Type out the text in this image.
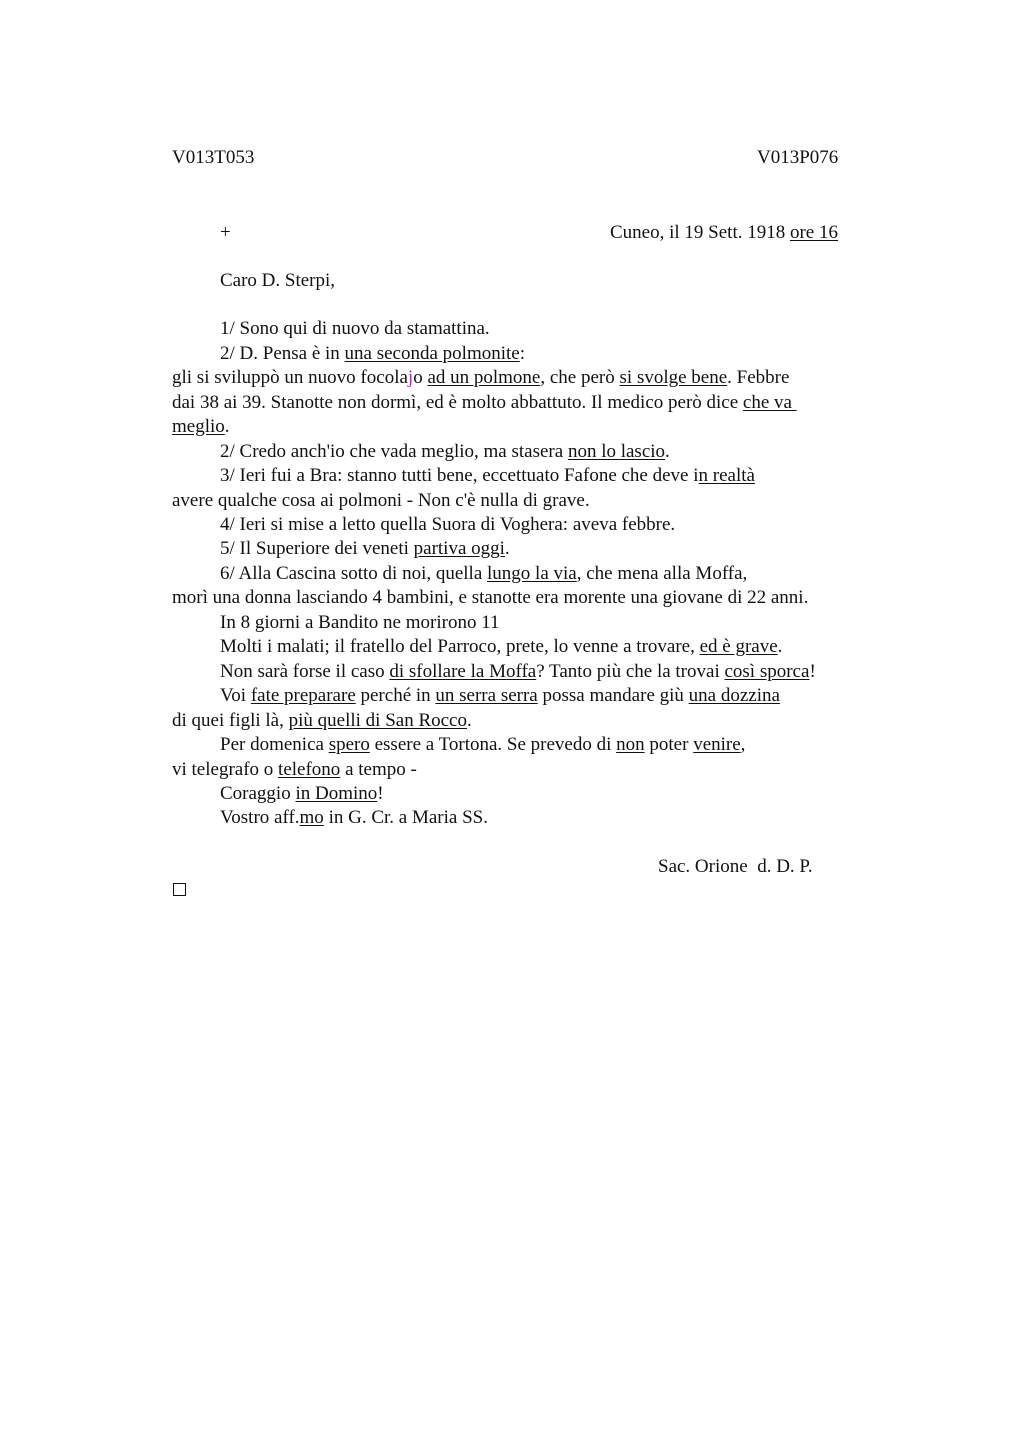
V013T053	V013P076
+	Cuneo, il 19 Sett. 1918 ore 16
Caro D. Sterpi,
1/ Sono qui di nuovo da stamattina.
2/ D. Pensa è in una seconda polmonite:
gli si sviluppò un nuovo focolajo ad un polmone, che però si svolge bene. Febbre
dai 38 ai 39. Stanotte non dormì, ed è molto abbattuto. Il medico però dice che va
meglio.
2/ Credo anch'io che vada meglio, ma stasera non lo lascio.
3/ Ieri fui a Bra: stanno tutti bene, eccettuato Fafone che deve in realtà
avere qualche cosa ai polmoni - Non c'è nulla di grave.
4/ Ieri si mise a letto quella Suora di Voghera: aveva febbre.
5/ Il Superiore dei veneti partiva oggi.
6/ Alla Cascina sotto di noi, quella lungo la via, che mena alla Moffa,
morì una donna lasciando 4 bambini, e stanotte era morente una giovane di 22 anni.
In 8 giorni a Bandito ne morirono 11
Molti i malati; il fratello del Parroco, prete, lo venne a trovare, ed è grave.
Non sarà forse il caso di sfollare la Moffa? Tanto più che la trovai così sporca!
Voi fate preparare perché in un serra serra possa mandare giù una dozzina
di quei figli là, più quelli di San Rocco.
Per domenica spero essere a Tortona. Se prevedo di non poter venire,
vi telegrafo o telefono a tempo -
Coraggio in Domino!
Vostro aff.mo in G. Cr. a Maria SS.
Sac. Orione  d. D. P.
